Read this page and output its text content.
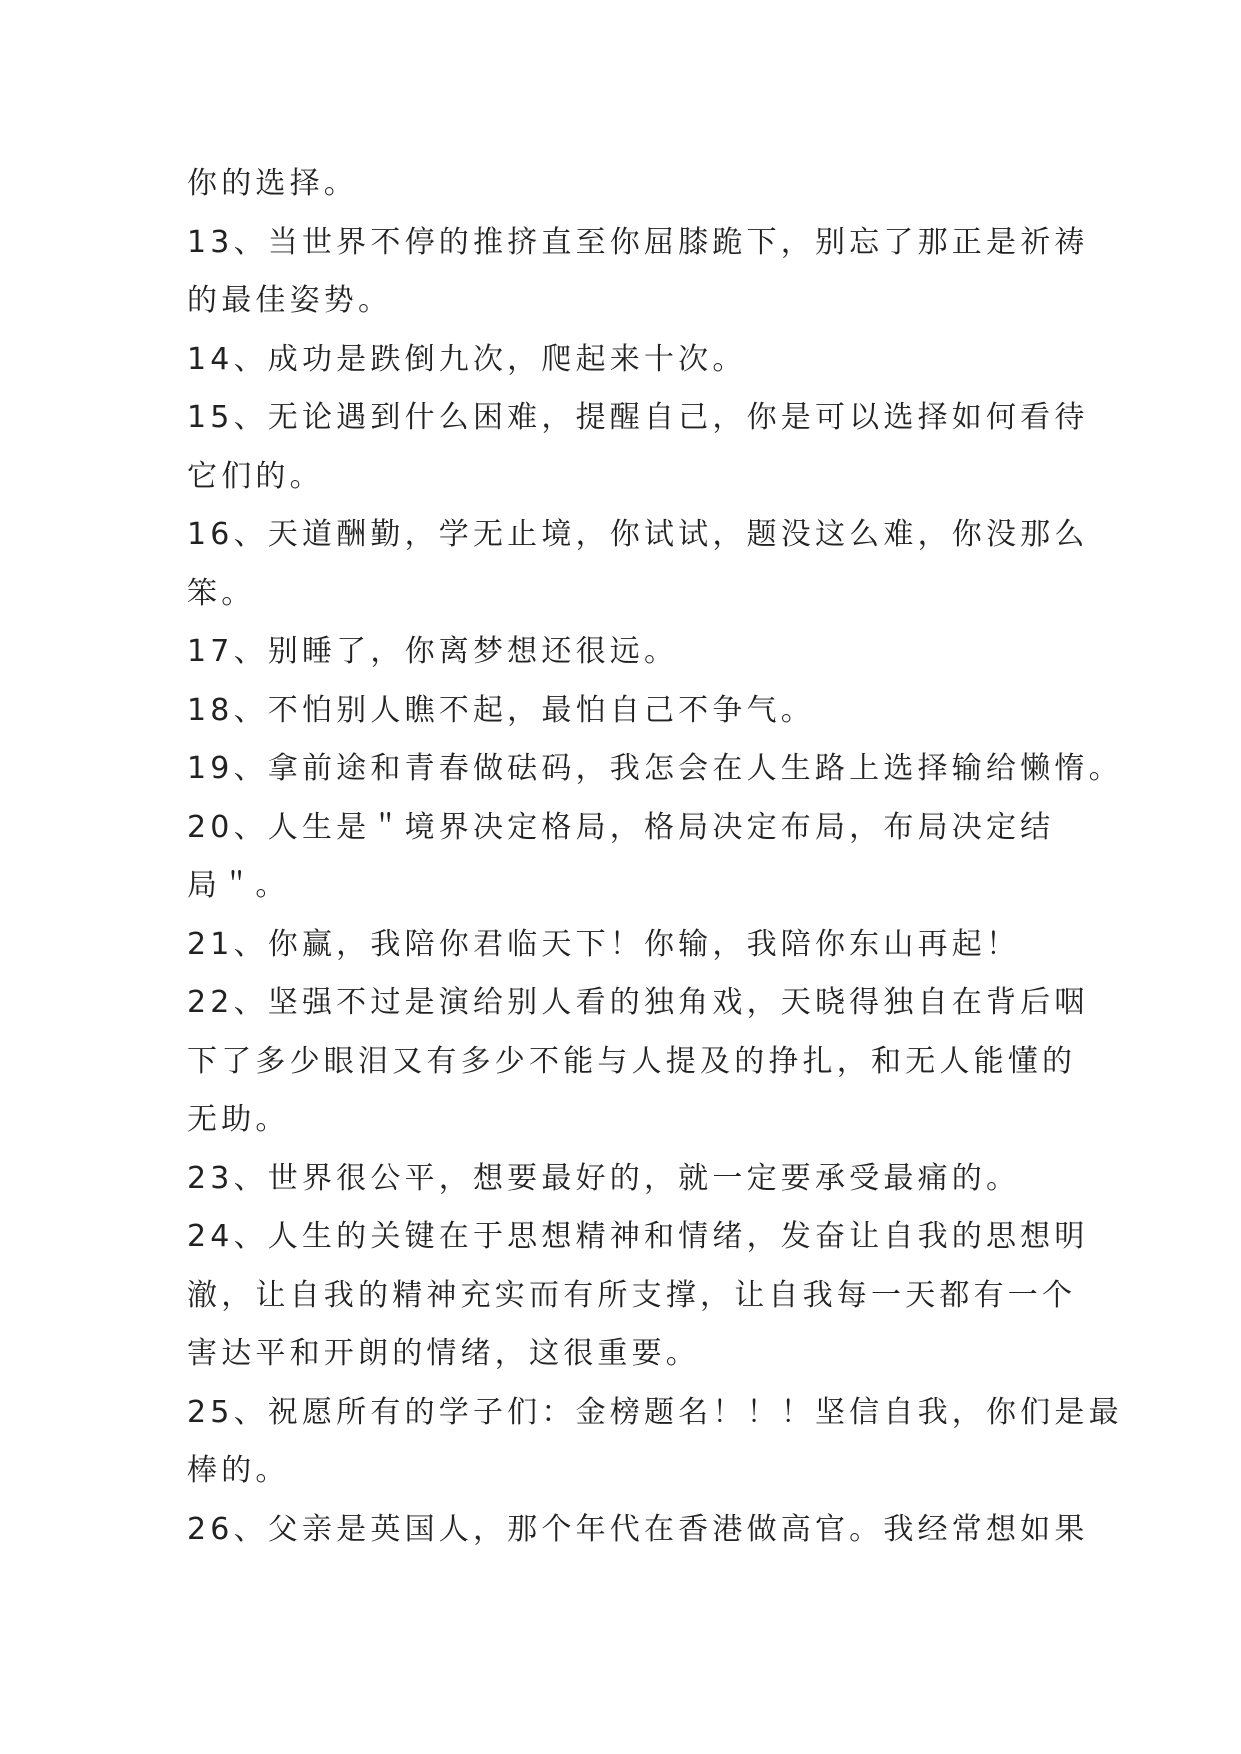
你的选择。
13、当世界不停的推挤直至你屈膝跪下，别忘了那正是祈祷
的最佳姿势。
14、成功是跌倒九次，爬起来十次。
15、无论遇到什么困难，提醒自己，你是可以选择如何看待
它们的。
16、天道酬勤，学无止境，你试试，题没这么难，你没那么
笨。
17、别睡了，你离梦想还很远。
18、不怕别人瞧不起，最怕自己不争气。
19、拿前途和青春做砝码，我怎会在人生路上选择输给懒惰。
20、人生是＂境界决定格局，格局决定布局，布局决定结
局＂。
21、你赢，我陪你君临天下！你输，我陪你东山再起！
22、坚强不过是演给别人看的独角戏，天晓得独自在背后咽
下了多少眼泪又有多少不能与人提及的挣扎，和无人能懂的
无助。
23、世界很公平，想要最好的，就一定要承受最痛的。
24、人生的关键在于思想精神和情绪，发奋让自我的思想明
澈，让自我的精神充实而有所支撑，让自我每一天都有一个
害达平和开朗的情绪，这很重要。
25、祝愿所有的学子们：金榜题名！！！坚信自我，你们是最
棒的。
26、父亲是英国人，那个年代在香港做高官。我经常想如果
